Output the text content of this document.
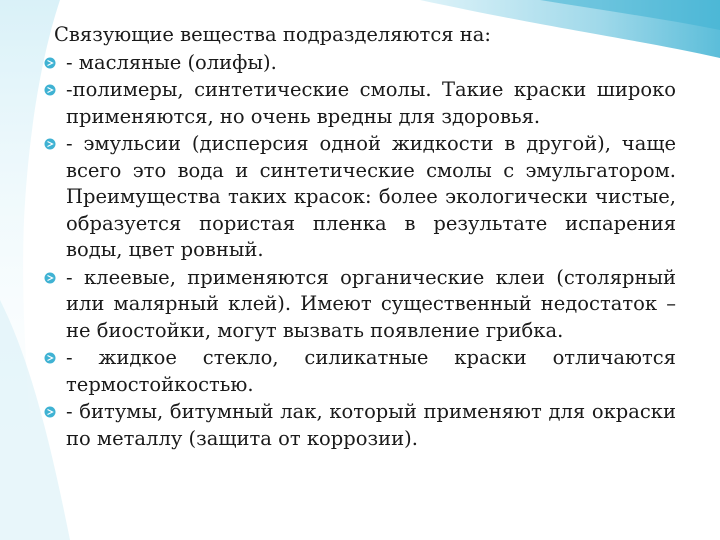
Связующие вещества подразделяются на:

- масляные (олифы).
-полимеры, синтетические смолы. Такие краски широко применяются, но очень вредны для здоровья.
- эмульсии (дисперсия одной жидкости в другой), чаще всего это вода и синтетические смолы с эмульгатором. Преимущества таких красок: более экологически чистые, образуется пористая пленка в результате испарения воды, цвет ровный.
- клеевые, применяются органические клеи (столярный или малярный клей). Имеют существенный недостаток – не биостойки, могут вызвать появление грибка.
- жидкое стекло, силикатные краски отличаются термостойкостью.
- битумы, битумный лак, который применяют для окраски по металлу (защита от коррозии).
